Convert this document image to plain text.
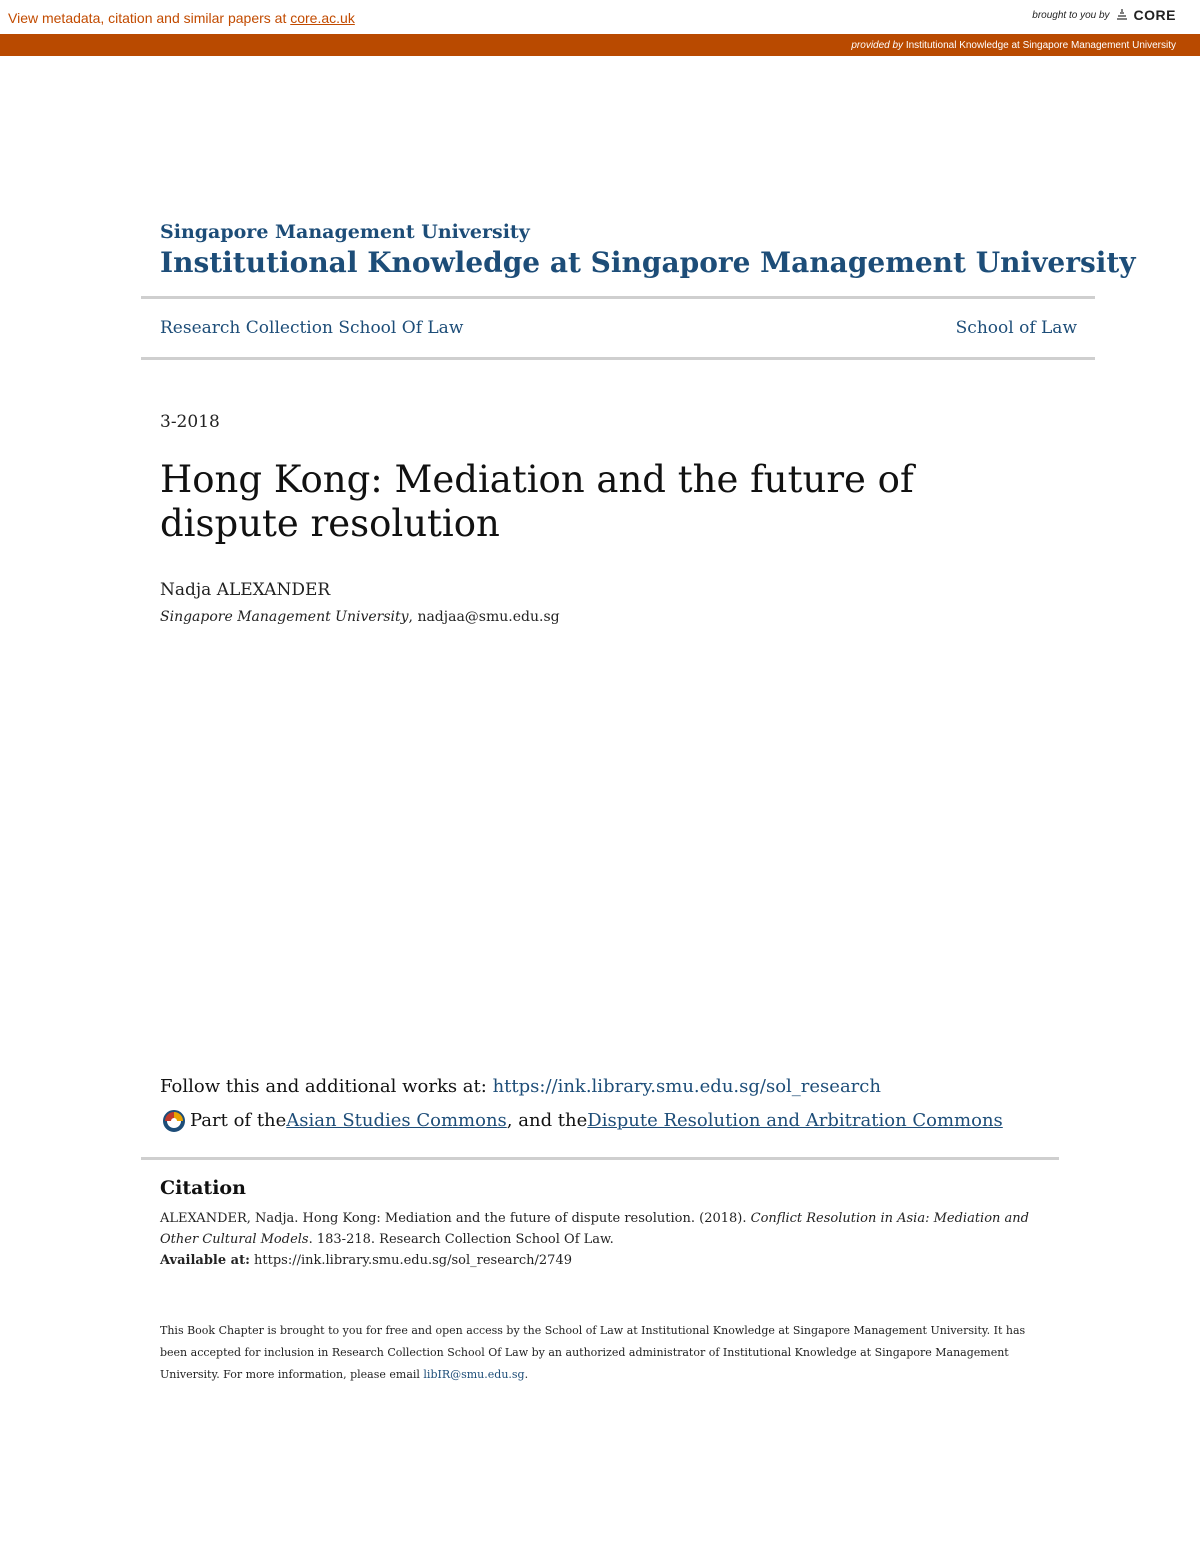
View metadata, citation and similar papers at core.ac.uk	brought to you by CORE
provided by Institutional Knowledge at Singapore Management University
Singapore Management University
Institutional Knowledge at Singapore Management University
Research Collection School Of Law	School of Law
3-2018
Hong Kong: Mediation and the future of dispute resolution
Nadja ALEXANDER
Singapore Management University, nadjaa@smu.edu.sg
Follow this and additional works at: https://ink.library.smu.edu.sg/sol_research
Part of the Asian Studies Commons , and the Dispute Resolution and Arbitration Commons
Citation
ALEXANDER, Nadja. Hong Kong: Mediation and the future of dispute resolution. (2018). Conflict Resolution in Asia: Mediation and Other Cultural Models. 183-218. Research Collection School Of Law.
Available at: https://ink.library.smu.edu.sg/sol_research/2749
This Book Chapter is brought to you for free and open access by the School of Law at Institutional Knowledge at Singapore Management University. It has been accepted for inclusion in Research Collection School Of Law by an authorized administrator of Institutional Knowledge at Singapore Management University. For more information, please email libIR@smu.edu.sg.
